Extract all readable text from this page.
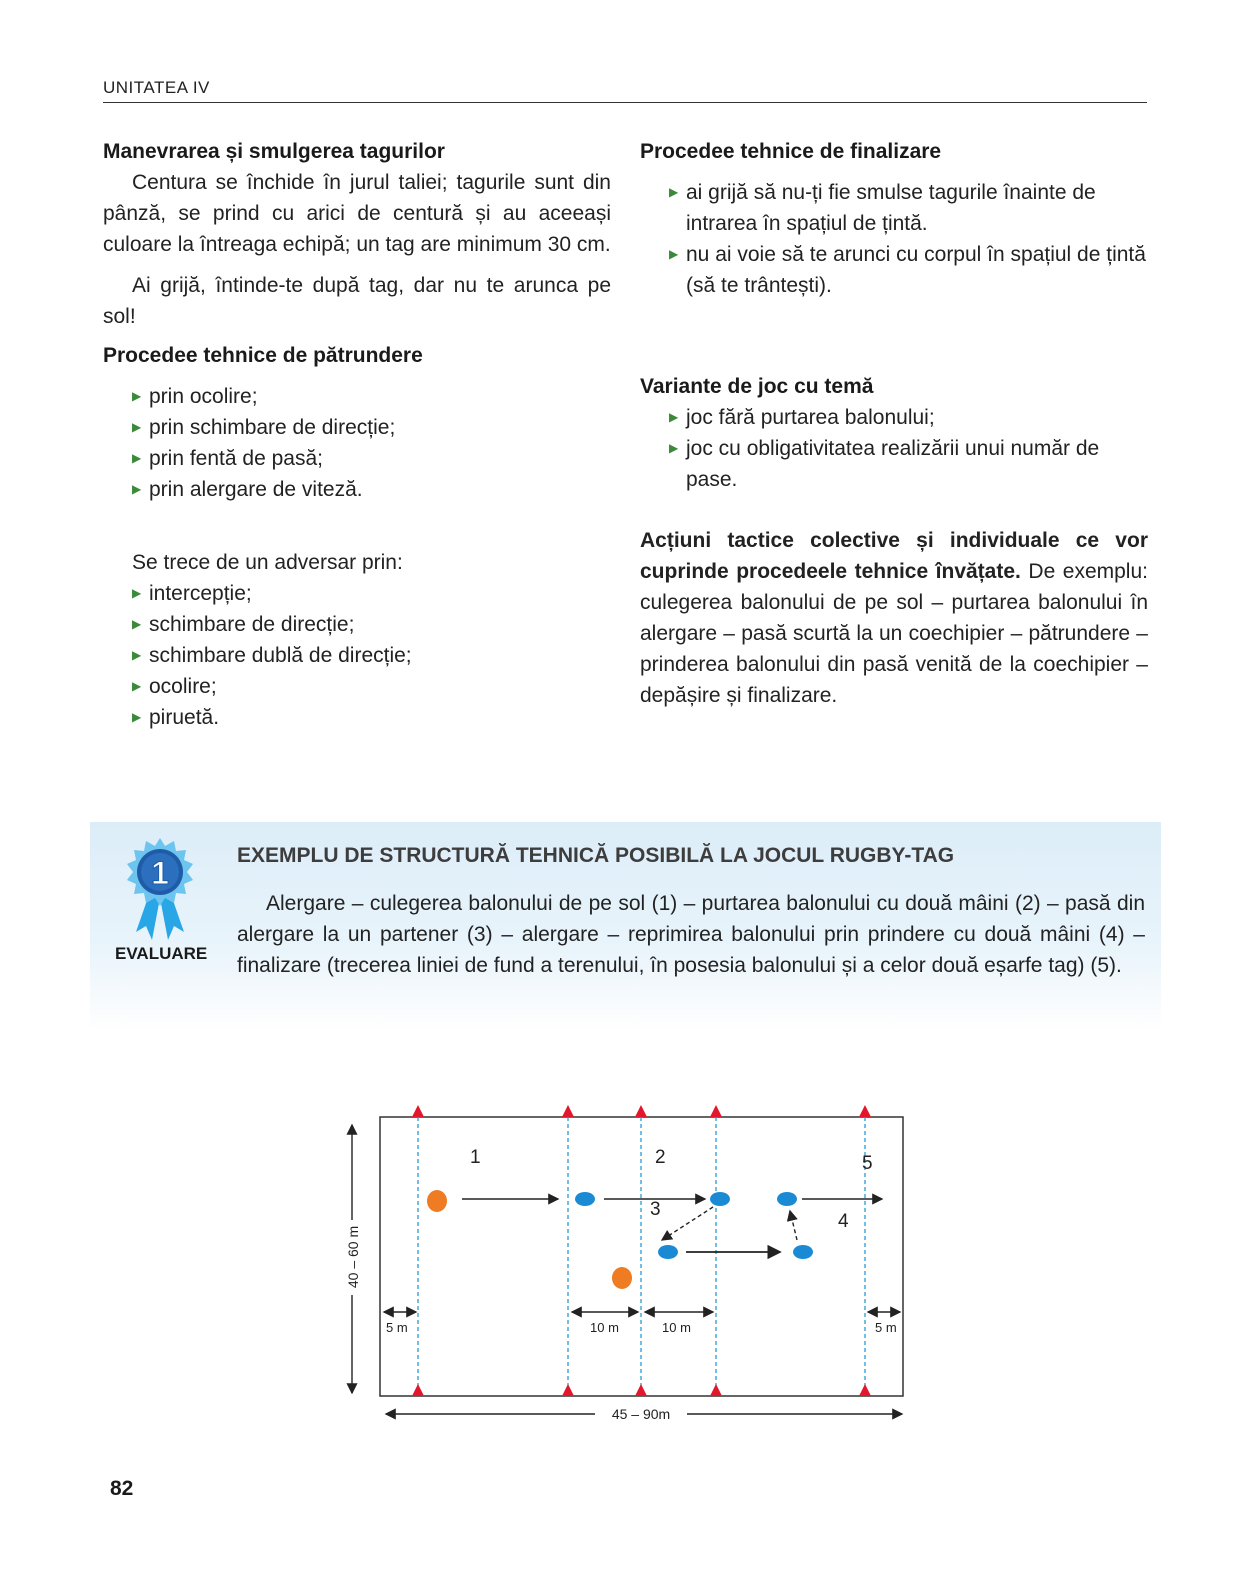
UNITATEA IV
Manevrarea și smulgerea tagurilor

Centura se închide în jurul taliei; tagurile sunt din pânză, se prind cu arici de centură și au aceeași culoare la întreaga echipă; un tag are minimum 30 cm.

Ai grijă, întinde-te după tag, dar nu te arunca pe sol!

Procedee tehnice de pătrundere
▶ prin ocolire;
▶ prin schimbare de direcție;
▶ prin fentă de pasă;
▶ prin alergare de viteză.

Se trece de un adversar prin:

▶ intercepție;
▶ schimbare de direcție;
▶ schimbare dublă de direcție;
▶ ocolire;
▶ piruetă.
Procedee tehnice de finalizare
▶ ai grijă să nu-ți fie smulse tagurile înainte de intrarea în spațiul de țintă.
▶ nu ai voie să te arunci cu corpul în spațiul de țintă (să te trântești).
Variante de joc cu temă
▶ joc fără purtarea balonului;
▶ joc cu obligativitatea realizării unui număr de pase.

Acțiuni tactice colective și individuale ce vor cuprinde procedeele tehnice învățate. De exemplu: culegerea balonului de pe sol – purtarea balonului în alergare – pasă scurtă la un coechipier – pătrundere – prinderea balonului din pasă venită de la coechipier – depășire și finalizare.

1
EVALUARE
EXEMPLU DE STRUCTURĂ TEHNICĂ POSIBILĂ LA JOCUL RUGBY-TAG
Alergare – culegerea balonului de pe sol (1) – purtarea balonului cu două mâini (2) – pasă din alergare la un partener (3) – alergare – reprimirea balonului prin prindere cu două mâini (4) – finalizare (trecerea liniei de fund a terenului, în posesia balonului și a celor două eșarfe tag) (5).
1	2
3
4
5
5 m	10 m	10 m	5 m
40 – 60 m
45 – 90m
82
